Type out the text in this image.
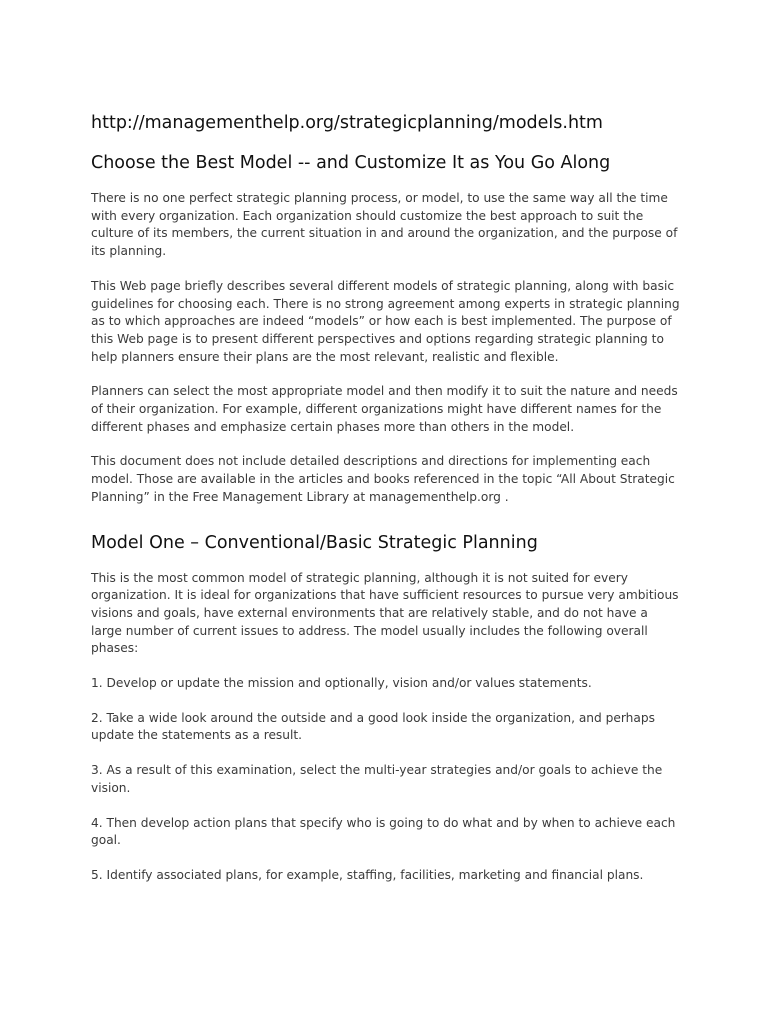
http://managementhelp.org/strategicplanning/models.htm
Choose the Best Model -- and Customize It as You Go Along

There is no one perfect strategic planning process, or model, to use the same way all the time with every organization. Each organization should customize the best approach to suit the culture of its members, the current situation in and around the organization, and the purpose of its planning.

This Web page briefly describes several different models of strategic planning, along with basic guidelines for choosing each. There is no strong agreement among experts in strategic planning as to which approaches are indeed “models” or how each is best implemented. The purpose of this Web page is to present different perspectives and options regarding strategic planning to help planners ensure their plans are the most relevant, realistic and flexible.

Planners can select the most appropriate model and then modify it to suit the nature and needs of their organization. For example, different organizations might have different names for the different phases and emphasize certain phases more than others in the model.

This document does not include detailed descriptions and directions for implementing each model. Those are available in the articles and books referenced in the topic “All About Strategic Planning” in the Free Management Library at managementhelp.org .

Model One – Conventional/Basic Strategic Planning

This is the most common model of strategic planning, although it is not suited for every organization. It is ideal for organizations that have sufficient resources to pursue very ambitious visions and goals, have external environments that are relatively stable, and do not have a large number of current issues to address. The model usually includes the following overall phases:

1. Develop or update the mission and optionally, vision and/or values statements.

2. Take a wide look around the outside and a good look inside the organization, and perhaps update the statements as a result.

3. As a result of this examination, select the multi-year strategies and/or goals to achieve the vision.

4. Then develop action plans that specify who is going to do what and by when to achieve each goal.

5. Identify associated plans, for example, staffing, facilities, marketing and financial plans.
